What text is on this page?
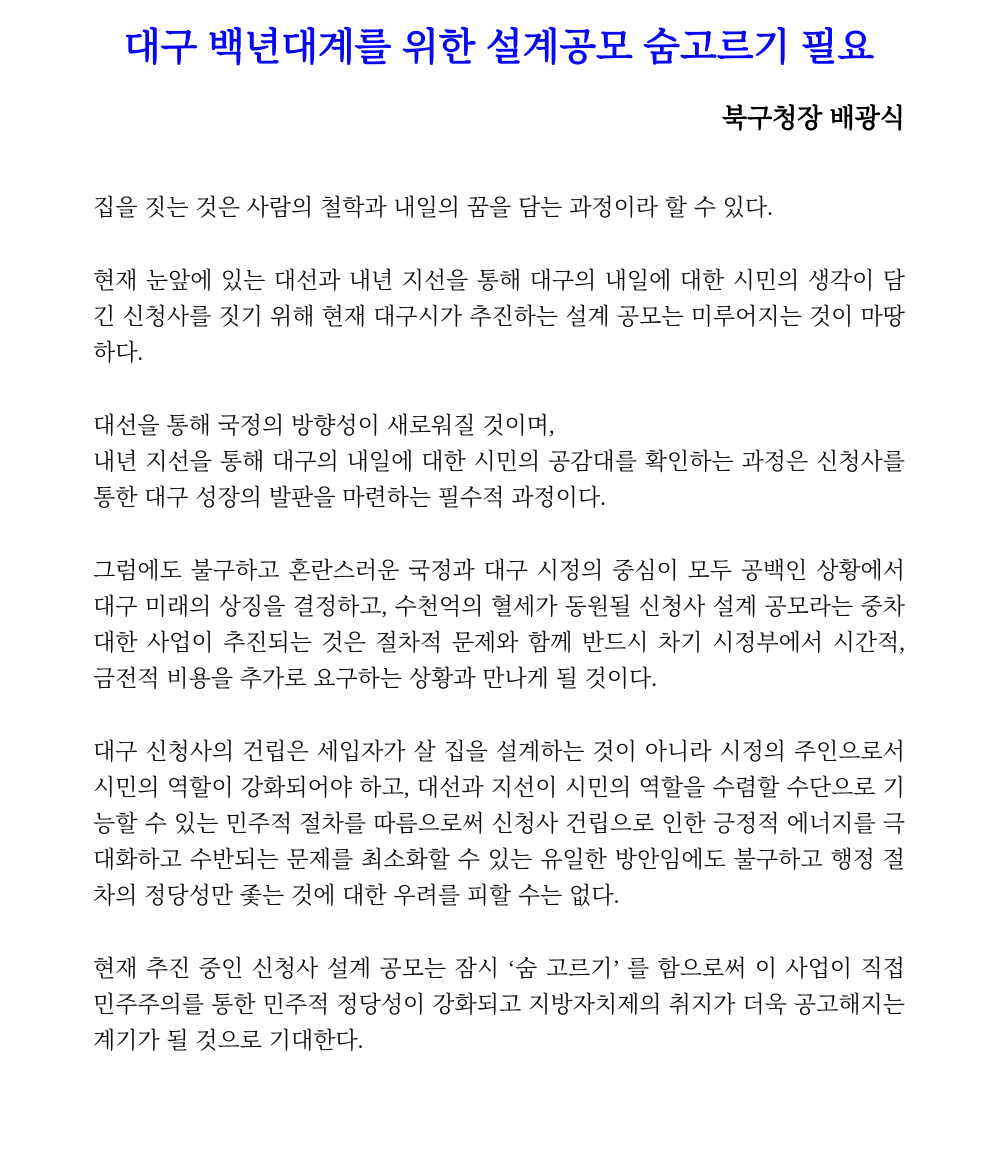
대구 백년대계를 위한 설계공모 숨고르기 필요
북구청장 배광식

집을 짓는 것은 사람의 철학과 내일의 꿈을 담는 과정이라 할 수 있다.

현재 눈앞에 있는 대선과 내년 지선을 통해 대구의 내일에 대한 시민의 생각이 담긴 신청사를 짓기 위해 현재 대구시가 추진하는 설계 공모는 미루어지는 것이 마땅하다.

대선을 통해 국정의 방향성이 새로워질 것이며,
내년 지선을 통해 대구의 내일에 대한 시민의 공감대를 확인하는 과정은 신청사를 통한 대구 성장의 발판을 마련하는 필수적 과정이다.

그럼에도 불구하고 혼란스러운 국정과 대구 시정의 중심이 모두 공백인 상황에서 대구 미래의 상징을 결정하고, 수천억의 혈세가 동원될 신청사 설계 공모라는 중차대한 사업이 추진되는 것은 절차적 문제와 함께 반드시 차기 시정부에서 시간적, 금전적 비용을 추가로 요구하는 상황과 만나게 될 것이다.

대구 신청사의 건립은 세입자가 살 집을 설계하는 것이 아니라 시정의 주인으로서 시민의 역할이 강화되어야 하고, 대선과 지선이 시민의 역할을 수렴할 수단으로 기능할 수 있는 민주적 절차를 따름으로써 신청사 건립으로 인한 긍정적 에너지를 극대화하고 수반되는 문제를 최소화할 수 있는 유일한 방안임에도 불구하고 행정 절차의 정당성만 좇는 것에 대한 우려를 피할 수는 없다.

현재 추진 중인 신청사 설계 공모는 잠시 ‘숨 고르기’ 를 함으로써 이 사업이 직접민주주의를 통한 민주적 정당성이 강화되고 지방자치제의 취지가 더욱 공고해지는 계기가 될 것으로 기대한다.
